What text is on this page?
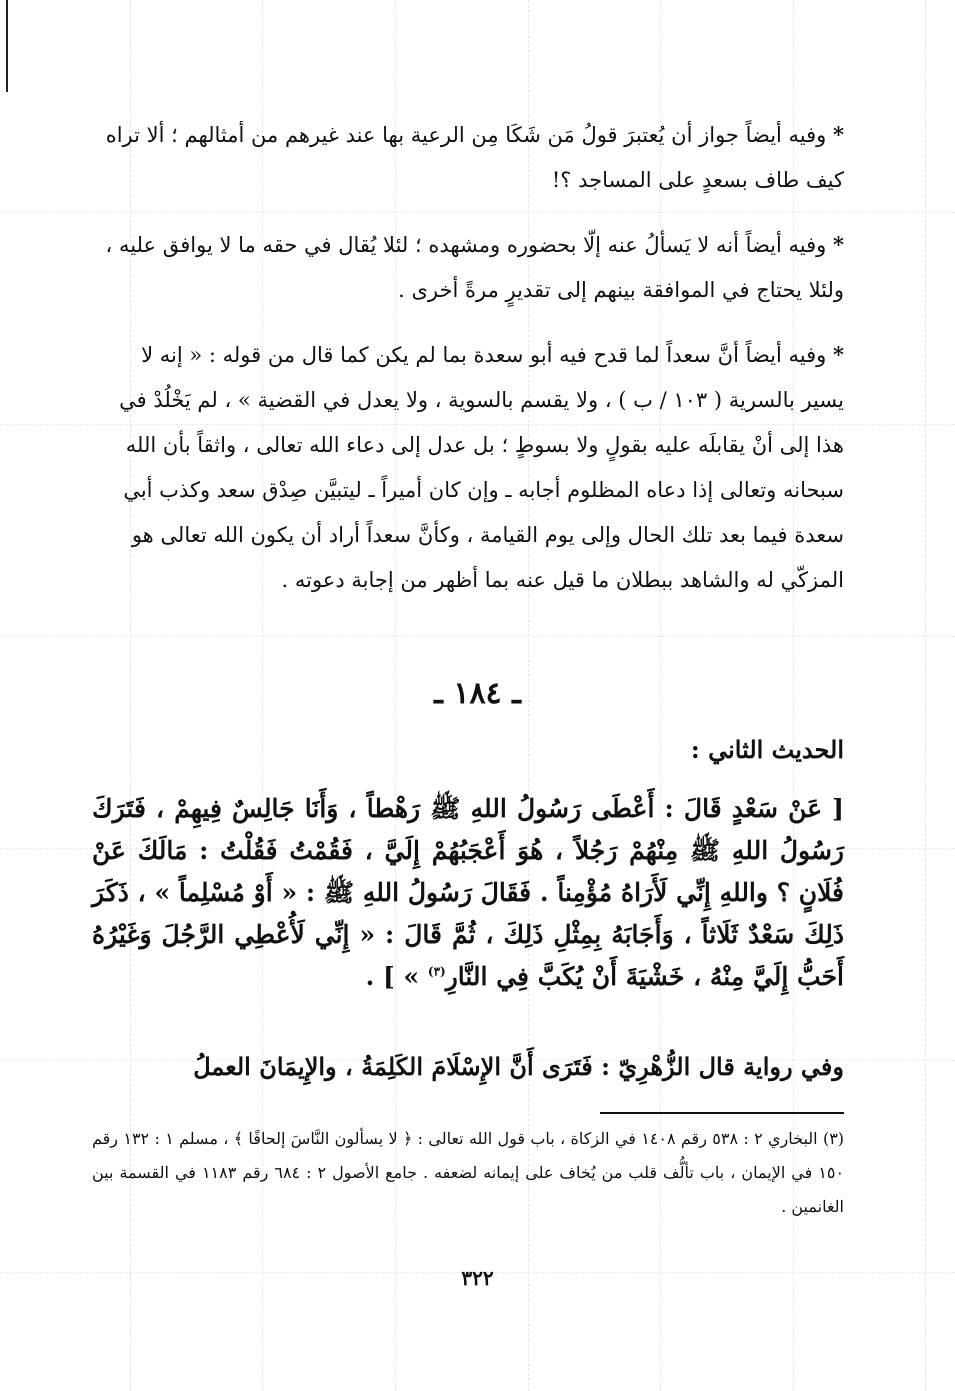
* وفيه أيضاً جواز أن يُعتبرَ قولُ مَن شَكَا مِن الرعية بها عند غيرهم من أمثالهم ؛ ألا تراه كيف طاف بسعدٍ على المساجد ؟!

* وفيه أيضاً أنه لا يَسألُ عنه إلّا بحضوره ومشهده ؛ لئلا يُقال في حقه ما لا يوافق عليه ، ولئلا يحتاج في الموافقة بينهم إلى تقديرٍ مرةً أخرى .

* وفيه أيضاً أنَّ سعداً لما قدح فيه أبو سعدة بما لم يكن كما قال من قوله : « إنه لا يسير بالسرية ( ١٠٣ / ب ) ، ولا يقسم بالسوية ، ولا يعدل في القضية » ، لم يَخْلُدْ في هذا إلى أنْ يقابلَه عليه بقولٍ ولا بسوطٍ ؛ بل عدل إلى دعاء الله تعالى ، واثقاً بأن الله سبحانه وتعالى إذا دعاه المظلوم أجابه ـ وإن كان أميراً ـ ليتبيَّن صِدْق سعد وكذب أبي سعدة فيما بعد تلك الحال وإلى يوم القيامة ، وكأنَّ سعداً أراد أن يكون الله تعالى هو المزكّي له والشاهد ببطلان ما قيل عنه بما أظهر من إجابة دعوته .

ـ ١٨٤ ـ
الحديث الثاني :
[ عَنْ سَعْدٍ قَالَ : أَعْطَى رَسُولُ اللهِ ﷺ رَهْطاً ، وَأَنَا جَالِسٌ فِيهِمْ ، فَتَرَكَ رَسُولُ اللهِ ﷺ مِنْهُمْ رَجُلاً ، هُوَ أَعْجَبُهُمْ إِلَيَّ ، فَقُمْتُ فَقُلْتُ : مَالَكَ عَنْ فُلَانٍ ؟ واللهِ إِنِّي لَأَرَاهُ مُؤْمِناً . فَقَالَ رَسُولُ اللهِ ﷺ : « أَوْ مُسْلِماً » ، ذَكَرَ ذَلِكَ سَعْدٌ ثَلَاثاً ، وَأَجَابَهُ بِمِثْلِ ذَلِكَ ، ثُمَّ قَالَ : « إِنِّي لَأُعْطِي الرَّجُلَ وَغَيْرُهُ أَحَبُّ إِلَيَّ مِنْهُ ، خَشْيَةَ أَنْ يُكَبَّ فِي النَّارِ$^{(٣)}$ » ] .
وفي رواية قال الزُّهْرِيّ : فَتَرَى أَنَّ الإِسْلَامَ الكَلِمَةُ ، والإِيمَانَ العملُ
(٣) البخاري ٢ : ٥٣٨ رقم ١٤٠٨ في الزكاة ، باب قول الله تعالى : ﴿ لا يسألون النَّاسَ إلحافًا ﴾ ، مسلم ١ : ١٣٢ رقم ١٥٠ في الإيمان ، باب تألُّف قلب من يُخاف على إيمانه لضعفه . جامع الأصول ٢ : ٦٨٤ رقم ١١٨٣ في القسمة بين الغانمين .
٣٢٢
